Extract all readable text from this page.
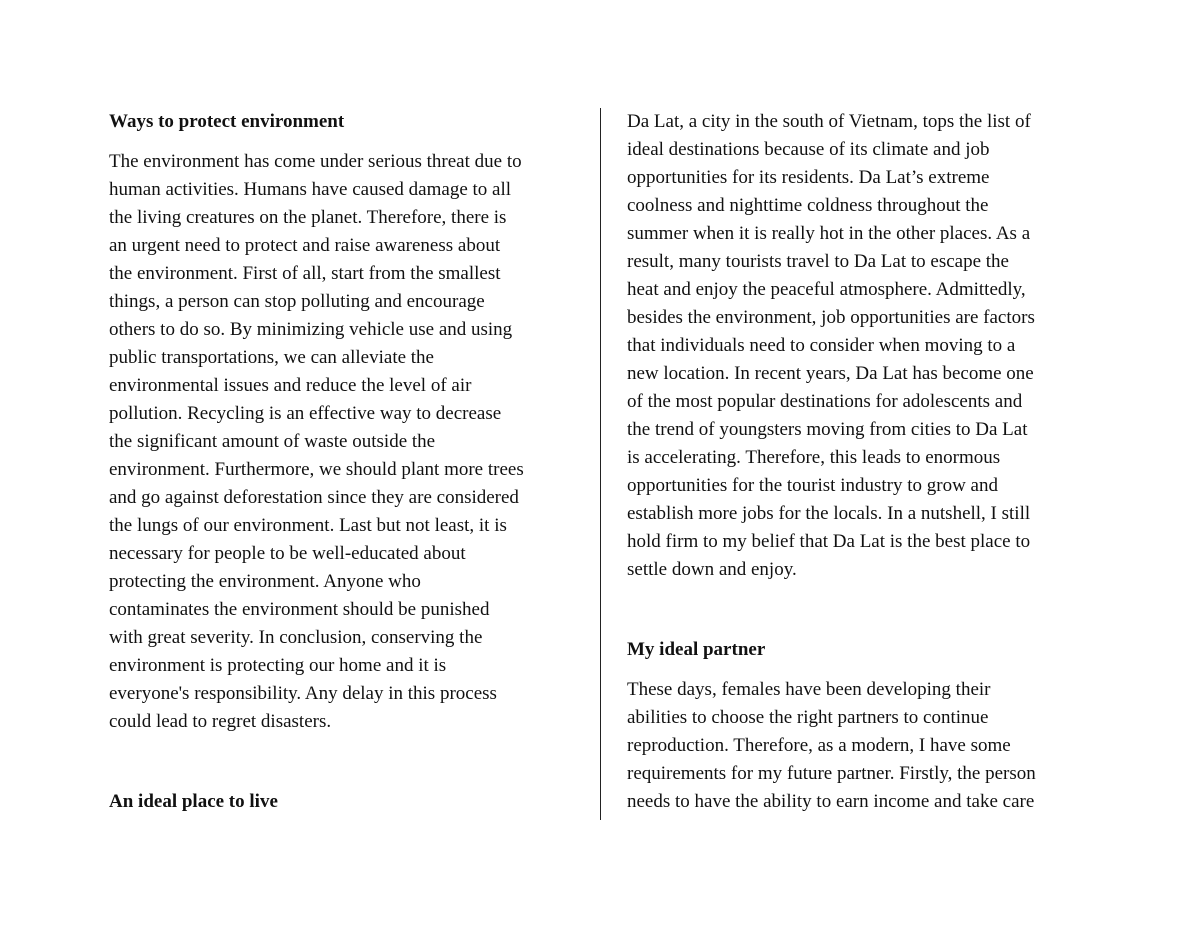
Ways to protect environment
The environment has come under serious threat due to
human activities. Humans have caused damage to all
the living creatures on the planet. Therefore, there is
an urgent need to protect and raise awareness about
the environment. First of all, start from the smallest
things, a person can stop polluting and encourage
others to do so. By minimizing vehicle use and using
public transportations, we can alleviate the
environmental issues and reduce the level of air
pollution. Recycling is an effective way to decrease
the significant amount of waste outside the
environment. Furthermore, we should plant more trees
and go against deforestation since they are considered
the lungs of our environment. Last but not least, it is
necessary for people to be well-educated about
protecting the environment. Anyone who
contaminates the environment should be punished
with great severity. In conclusion, conserving the
environment is protecting our home and it is
everyone's responsibility. Any delay in this process
could lead to regret disasters.
An ideal place to live
Da Lat, a city in the south of Vietnam, tops the list of
ideal destinations because of its climate and job
opportunities for its residents. Da Lat’s extreme
coolness and nighttime coldness throughout the
summer when it is really hot in the other places. As a
result, many tourists travel to Da Lat to escape the
heat and enjoy the peaceful atmosphere. Admittedly,
besides the environment, job opportunities are factors
that individuals need to consider when moving to a
new location. In recent years, Da Lat has become one
of the most popular destinations for adolescents and
the trend of youngsters moving from cities to Da Lat
is accelerating. Therefore, this leads to enormous
opportunities for the tourist industry to grow and
establish more jobs for the locals. In a nutshell, I still
hold firm to my belief that Da Lat is the best place to
settle down and enjoy.
My ideal partner
These days, females have been developing their
abilities to choose the right partners to continue
reproduction. Therefore, as a modern, I have some
requirements for my future partner. Firstly, the person
needs to have the ability to earn income and take care
